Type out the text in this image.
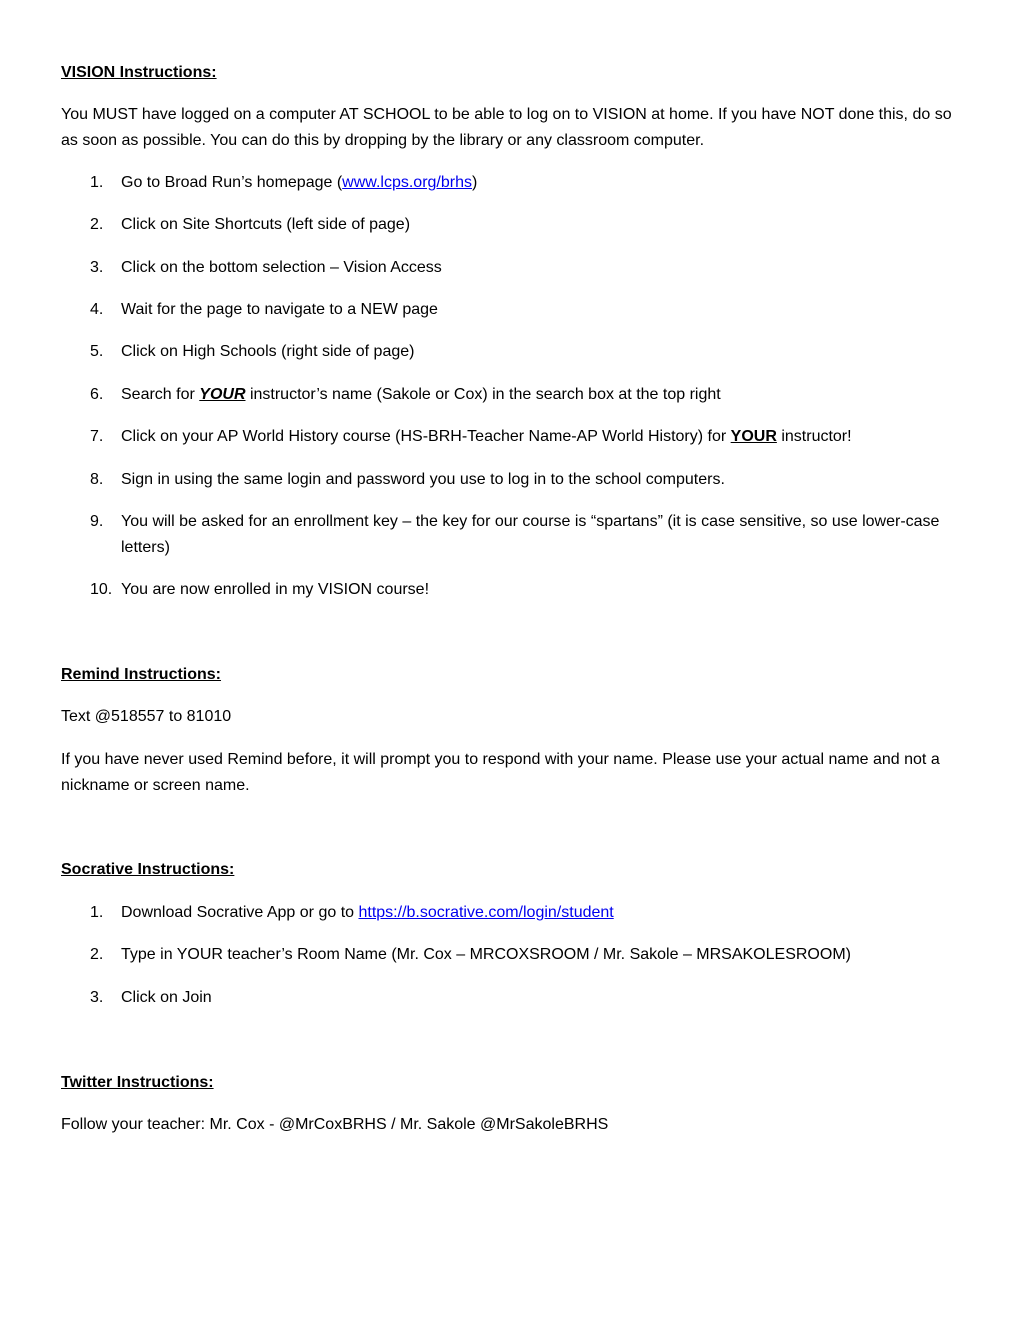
VISION Instructions:
You MUST have logged on a computer AT SCHOOL to be able to log on to VISION at home. If you have NOT done this, do so as soon as possible. You can do this by dropping by the library or any classroom computer.
1.	Go to Broad Run’s homepage (www.lcps.org/brhs)
2.	Click on Site Shortcuts (left side of page)
3.	Click on the bottom selection – Vision Access
4.	Wait for the page to navigate to a NEW page
5.	Click on High Schools (right side of page)
6.	Search for YOUR instructor’s name (Sakole or Cox) in the search box at the top right
7.	Click on your AP World History course (HS-BRH-Teacher Name-AP World History) for YOUR instructor!
8.	Sign in using the same login and password you use to log in to the school computers.
9.	You will be asked for an enrollment key – the key for our course is “spartans” (it is case sensitive, so use lower-case letters)
10. You are now enrolled in my VISION course!
Remind Instructions:
Text @518557 to 81010
If you have never used Remind before, it will prompt you to respond with your name. Please use your actual name and not a nickname or screen name.
Socrative Instructions:
1.	Download Socrative App or go to https://b.socrative.com/login/student
2.	Type in YOUR teacher’s Room Name (Mr. Cox – MRCOXSROOM / Mr. Sakole – MRSAKOLESROOM)
3.	Click on Join
Twitter Instructions:
Follow your teacher: Mr. Cox - @MrCoxBRHS / Mr. Sakole @MrSakoleBRHS
